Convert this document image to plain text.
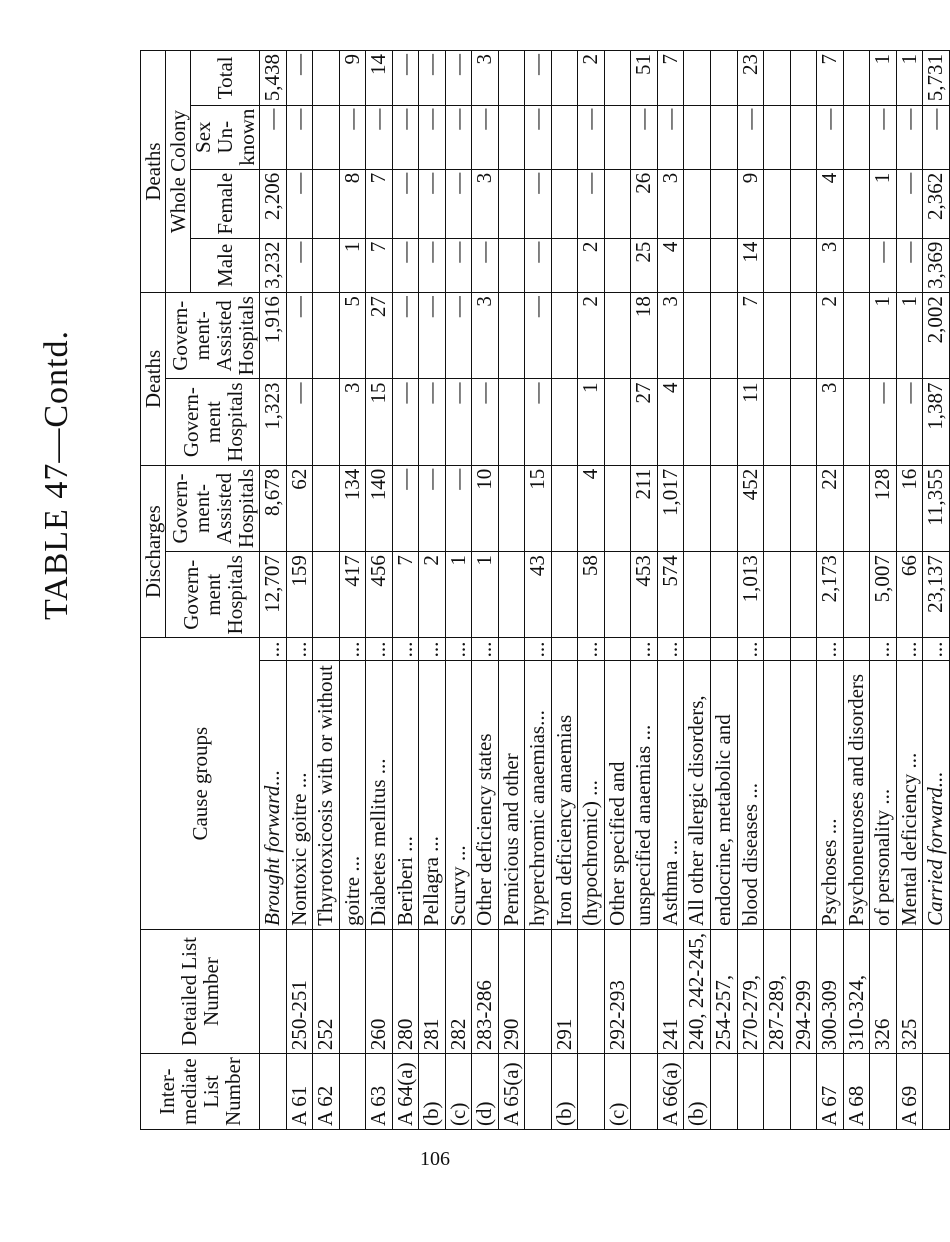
TABLE 47—Contd.
Inter-mediate List Number	Detailed List Number	Cause groups		Discharges		Deaths		Deaths			
				Govern-ment Hospitals	Govern-ment-Assisted Hospitals	Govern-ment Hospitals	Govern-ment-Assisted Hospitals	Whole Colony			
								Male	Female	Sex Un-known	Total
		Brought forward...	...	12,707	8,678	1,323	1,916	3,232	2,206	—	5,438
A 61	250-251	Nontoxic goitre ...	...	159	62	—	—	—	—	—	—
A 62	252	Thyrotoxicosis with or without									
		goitre ...	...	417	134	3	5	1	8	—	9
A 63	260	Diabetes mellitus ...	...	456	140	15	27	7	7	—	14
A 64(a)	280	Beriberi ...	...	7	—	—	—	—	—	—	—
(b)	281	Pellagra ...	...	2	—	—	—	—	—	—	—
(c)	282	Scurvy ...	...	1	—	—	—	—	—	—	—
(d)	283-286	Other deficiency states	...	1	10	—	3	—	3	—	3
A 65(a)	290	Pernicious and other									
		hyperchromic anaemias...	...	43	15	—	—	—	—	—	—
(b)	291	Iron deficiency anaemias									
		(hypochromic) ...	...	58	4	1	2	2	—	—	2
(c)	292-293	Other specified and									
		unspecified anaemias ...	...	453	211	27	18	25	26	—	51
A 66(a)	241	Asthma ...	...	574	1,017	4	3	4	3	—	7
(b)	240, 242-245,	All other allergic disorders,									
	254-257,	endocrine, metabolic and									
	270-279,	blood diseases ...	...	1,013	452	11	7	14	9	—	23
	287-289,										
	294-299										
A 67	300-309	Psychoses ...	...	2,173	22	3	2	3	4	—	7
A 68	310-324,	Psychoneuroses and disorders									
	326	of personality ...	...	5,007	128	—	1	—	1	—	1
A 69	325	Mental deficiency ...	...	66	16	—	1	—	—	—	1
		Carried forward...	...	23,137	11,355	1,387	2,002	3,369	2,362	—	5,731
106
